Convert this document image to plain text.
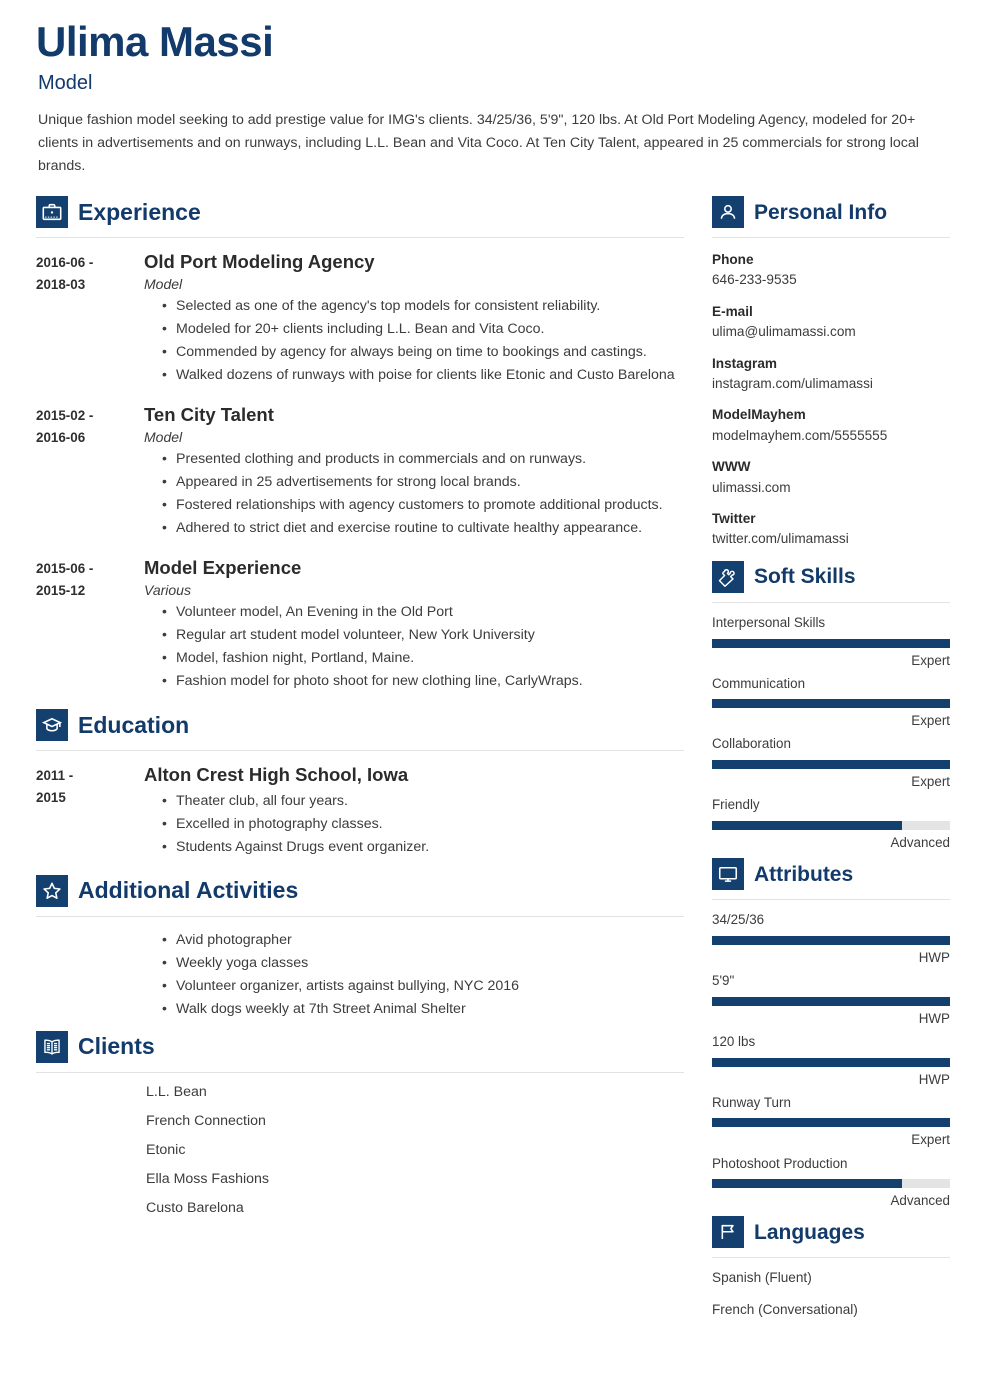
Ulima Massi
Model
Unique fashion model seeking to add prestige value for IMG's clients. 34/25/36, 5'9", 120 lbs. At Old Port Modeling Agency, modeled for 20+ clients in advertisements and on runways, including L.L. Bean and Vita Coco. At Ten City Talent, appeared in 25 commercials for strong local brands.
Experience
2016-06 -
2018-03
Old Port Modeling Agency
Model
• Selected as one of the agency's top models for consistent reliability.
• Modeled for 20+ clients including L.L. Bean and Vita Coco.
• Commended by agency for always being on time to bookings and castings.
• Walked dozens of runways with poise for clients like Etonic and Custo Barelona
2015-02 -
2016-06
Ten City Talent
Model
• Presented clothing and products in commercials and on runways.
• Appeared in 25 advertisements for strong local brands.
• Fostered relationships with agency customers to promote additional products.
• Adhered to strict diet and exercise routine to cultivate healthy appearance.
2015-06 -
2015-12
Model Experience
Various
• Volunteer model, An Evening in the Old Port
• Regular art student model volunteer, New York University
• Model, fashion night, Portland, Maine.
• Fashion model for photo shoot for new clothing line, CarlyWraps.
Education
2011 -
2015
Alton Crest High School, Iowa
• Theater club, all four years.
• Excelled in photography classes.
• Students Against Drugs event organizer.
Additional Activities
• Avid photographer
• Weekly yoga classes
• Volunteer organizer, artists against bullying, NYC 2016
• Walk dogs weekly at 7th Street Animal Shelter
Clients
L.L. Bean
French Connection
Etonic
Ella Moss Fashions
Custo Barelona
Personal Info
Phone
646-233-9535
E-mail
ulima@ulimamassi.com
Instagram
instagram.com/ulimamassi
ModelMayhem
modelmayhem.com/5555555
WWW
ulimassi.com
Twitter
twitter.com/ulimamassi
Soft Skills
Interpersonal Skills
Expert
Communication
Expert
Collaboration
Expert
Friendly
Advanced
Attributes
34/25/36
HWP
5'9"
HWP
120 lbs
HWP
Runway Turn
Expert
Photoshoot Production
Advanced
Languages
Spanish (Fluent)
French (Conversational)
